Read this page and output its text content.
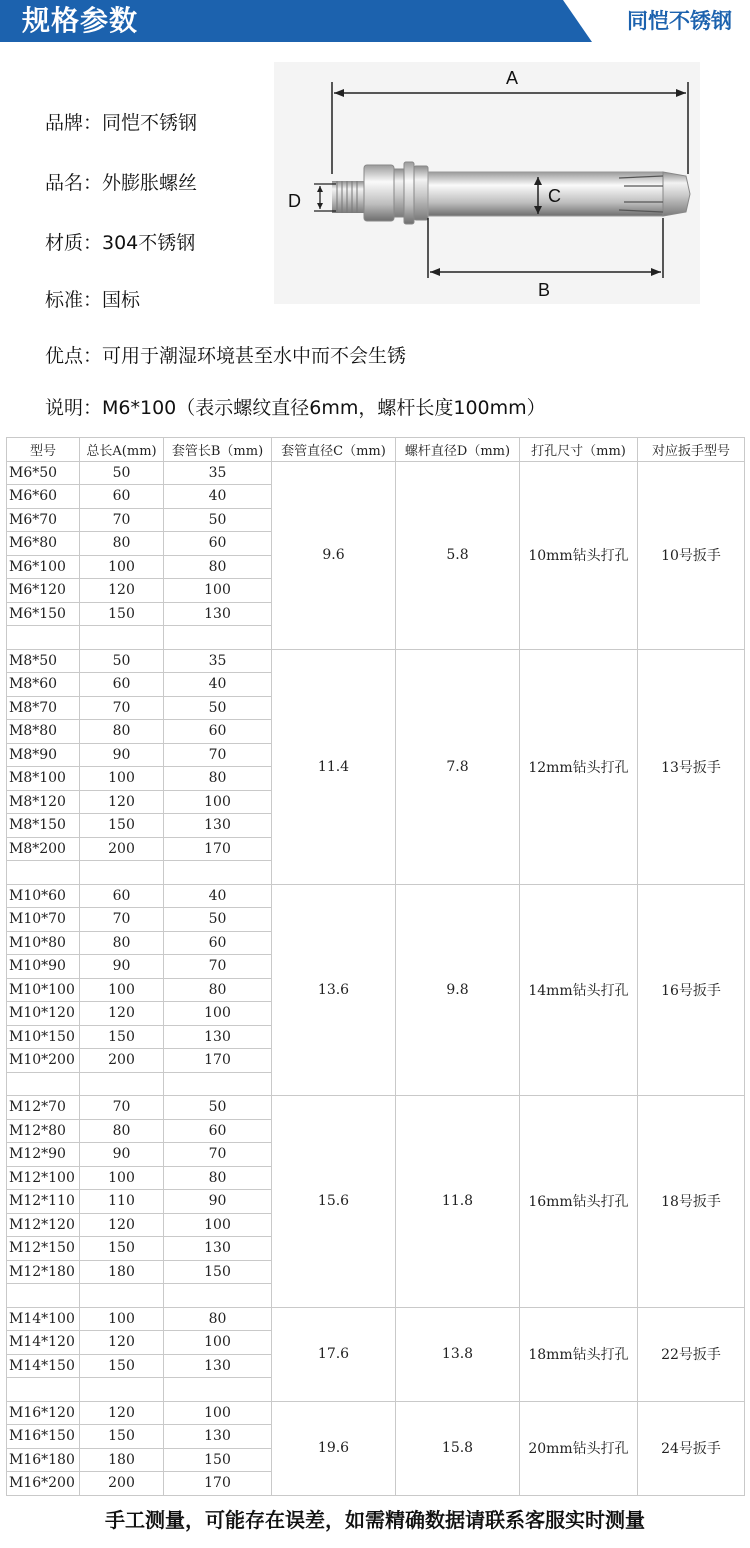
规格参数	同恺不锈钢
品牌：同恺不锈钢
品名：外膨胀螺丝
材质：304不锈钢
标准：国标
优点：可用于潮湿环境甚至水中而不会生锈
说明：M6*100（表示螺纹直径6mm，螺杆长度100mm）
A
D	C
B
型号	总长A(mm)	套管长B（mm)	套管直径C（mm)	螺杆直径D（mm)	打孔尺寸（mm)	对应扳手型号
M6*50	50	35	9.6	5.8	10mm钻头打孔	10号扳手
M6*60	60	40				
M6*70	70	50				
M6*80	80	60				
M6*100	100	80				
M6*120	120	100				
M6*150	150	130				

M8*50	50	35	11.4	7.8	12mm钻头打孔	13号扳手
M8*60	60	40				
M8*70	70	50				
M8*80	80	60				
M8*90	90	70				
M8*100	100	80				
M8*120	120	100				
M8*150	150	130				
M8*200	200	170				

M10*60	60	40	13.6	9.8	14mm钻头打孔	16号扳手
M10*70	70	50				
M10*80	80	60				
M10*90	90	70				
M10*100	100	80				
M10*120	120	100				
M10*150	150	130				
M10*200	200	170				

M12*70	70	50	15.6	11.8	16mm钻头打孔	18号扳手
M12*80	80	60				
M12*90	90	70				
M12*100	100	80				
M12*110	110	90				
M12*120	120	100				
M12*150	150	130				
M12*180	180	150				

M14*100	100	80	17.6	13.8	18mm钻头打孔	22号扳手
M14*120	120	100				
M14*150	150	130				

M16*120	120	100	19.6	15.8	20mm钻头打孔	24号扳手
M16*150	150	130				
M16*180	180	150				
M16*200	200	170				
手工测量，可能存在误差，如需精确数据请联系客服实时测量
